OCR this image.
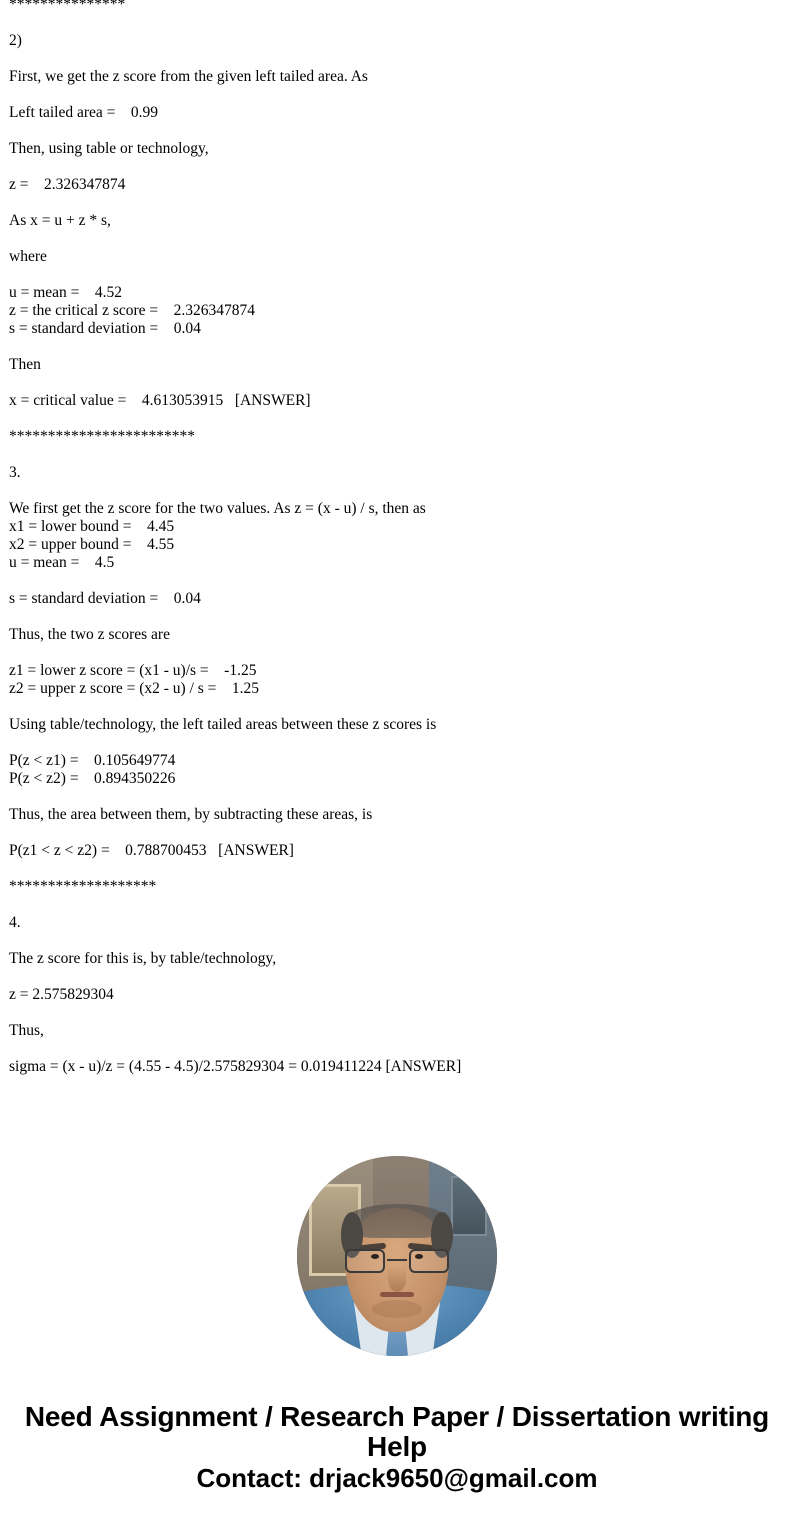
***************
2)
First, we get the z score from the given left tailed area. As
Left tailed area =    0.99
Then, using table or technology,
z =    2.326347874
As x = u + z * s,
where
u = mean =    4.52
z = the critical z score =    2.326347874
s = standard deviation =    0.04
Then
x = critical value =    4.613053915   [ANSWER]
************************
3.
We first get the z score for the two values. As z = (x - u) / s, then as
x1 = lower bound =    4.45
x2 = upper bound =    4.55
u = mean =    4.5
s = standard deviation =    0.04
Thus, the two z scores are
z1 = lower z score = (x1 - u)/s =    -1.25
z2 = upper z score = (x2 - u) / s =    1.25
Using table/technology, the left tailed areas between these z scores is
P(z < z1) =    0.105649774
P(z < z2) =    0.894350226
Thus, the area between them, by subtracting these areas, is
P(z1 < z < z2) =    0.788700453   [ANSWER]
*******************
4.
The z score for this is, by table/technology,
z = 2.575829304
Thus,
sigma = (x - u)/z = (4.55 - 4.5)/2.575829304 = 0.019411224 [ANSWER]
Need Assignment / Research Paper / Dissertation writing Help
Contact: drjack9650@gmail.com
